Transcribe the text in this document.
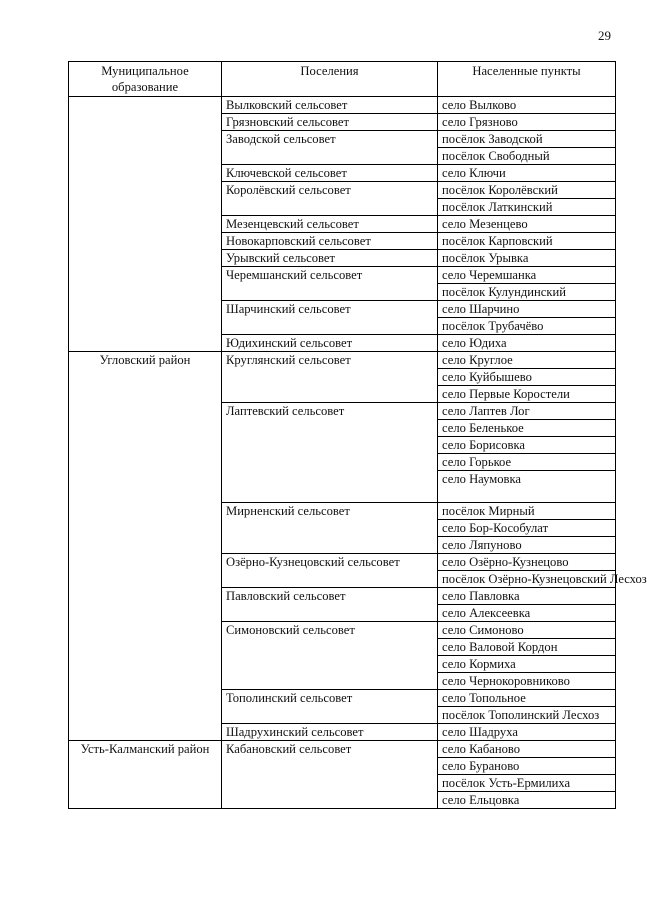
29
Муниципальное образование	Поселения	Населенные пункты
	Вылковский сельсовет	село Вылково
	Грязновский сельсовет	село Грязново
	Заводской сельсовет	посёлок Заводской
		посёлок Свободный
	Ключевской сельсовет	село Ключи
	Королёвский сельсовет	посёлок Королёвский
		посёлок Латкинский
	Мезенцевский сельсовет	село Мезенцево
	Новокарповский сельсовет	посёлок Карповский
	Урывский сельсовет	посёлок Урывка
	Черемшанский сельсовет	село Черемшанка
		посёлок Кулундинский
	Шарчинский сельсовет	село Шарчино
		посёлок Трубачёво
	Юдихинский сельсовет	село Юдиха
Угловский район	Круглянский сельсовет	село Круглое
		село Куйбышево
		село Первые Коростели
	Лаптевский сельсовет	село Лаптев Лог
		село Беленькое
		село Борисовка
		село Горькое
		село Наумовка
	Мирненский сельсовет	посёлок Мирный
		село Бор-Кособулат
		село Ляпуново
	Озёрно-Кузнецовский сельсовет	село Озёрно-Кузнецово
		посёлок Озёрно-Кузнецовский Лесхоз
	Павловский сельсовет	село Павловка
		село Алексеевка
	Симоновский сельсовет	село Симоново
		село Валовой Кордон
		село Кормиха
		село Чернокоровниково
	Тополинский сельсовет	село Топольное
		посёлок Тополинский Лесхоз
	Шадрухинский сельсовет	село Шадруха
Усть-Калманский район	Кабановский сельсовет	село Кабаново
		село Бураново
		посёлок Усть-Ермилиха
		село Ельцовка
